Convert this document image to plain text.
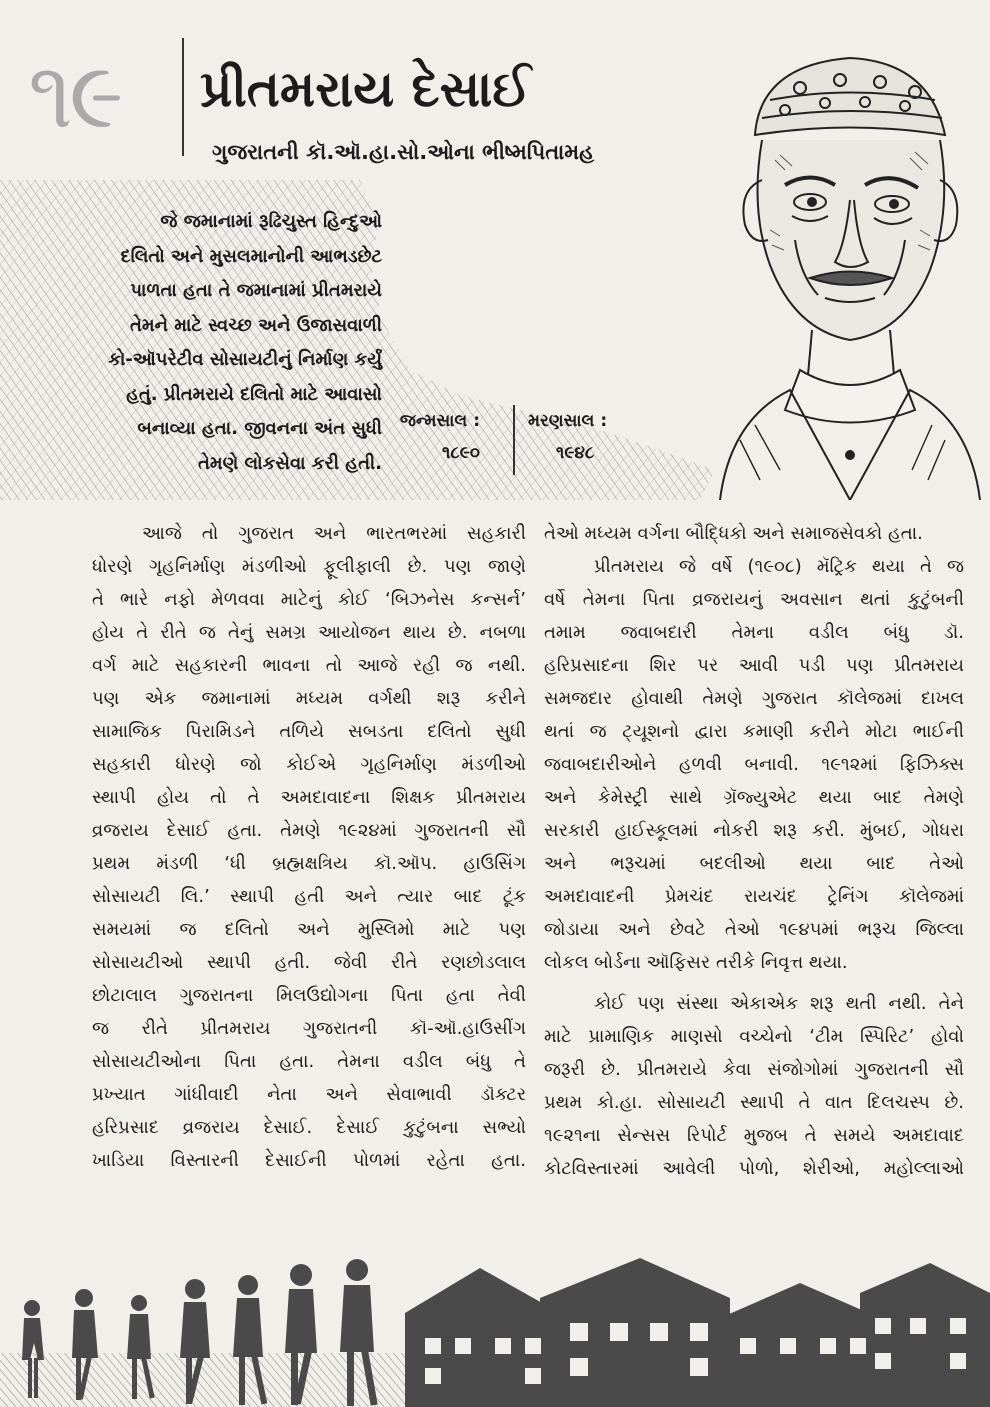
૧૯ પ્રીતમરાય દેસાઈ
ગુજરાતની કૉ.ઑ.હા.સો.ઓના ભીષ્મપિતામહ
જે જમાનામાં રૂઢિચુસ્ત હિન્દુઓ
દલિતો અને મુસલમાનોની આભડછેટ
પાળતા હતા તે જમાનામાં પ્રીતમરાયે
તેમને માટે સ્વચ્છ અને ઉજાસવાળી
કો-ઑપરેટીવ સોસાયટીનું નિર્માણ કર્યું
હતું. પ્રીતમરાયે દલિતો માટે આવાસો
બનાવ્યા હતા. જીવનના અંત સુધી
તેમણે લોકસેવા કરી હતી.
જન્મસાલ :
૧૮૯૦
મરણસાલ :
૧૯૪૮
આજે તો ગુજરાત અને ભારતભરમાં સહકારી
ધોરણે ગૃહનિર્માણ મંડળીઓ ફૂલીફાલી છે. પણ જાણે
તે ભારે નફો મેળવવા માટેનું કોઈ ‘બિઝનેસ કન્સર્ન’
હોય તે રીતે જ તેનું સમગ્ર આયોજન થાય છે. નબળા
વર્ગ માટે સહકારની ભાવના તો આજે રહી જ નથી.
પણ એક જમાનામાં મધ્યમ વર્ગથી શરૂ કરીને
સામાજિક પિરામિડને તળિયે સબડતા દલિતો સુધી
સહકારી ધોરણે જો કોઈએ ગૃહનિર્માણ મંડળીઓ
સ્થાપી હોય તો તે અમદાવાદના શિક્ષક પ્રીતમરાય
વ્રજરાય દેસાઈ હતા. તેમણે ૧૯૨૪માં ગુજરાતની સૌ
પ્રથમ મંડળી ‘ધી બ્રહ્મક્ષત્રિય કૉ.ઑપ. હાઉસિંગ
સોસાયટી લિ.’ સ્થાપી હતી અને ત્યાર બાદ ટૂંક
સમયમાં જ દલિતો અને મુસ્લિમો માટે પણ
સોસાયટીઓ સ્થાપી હતી. જેવી રીતે રણછોડલાલ
છોટાલાલ ગુજરાતના મિલઉદ્યોગના પિતા હતા તેવી
જ રીતે પ્રીતમરાય ગુજરાતની કૉ-ઑ.હાઉસીંગ
સોસાયટીઓના પિતા હતા. તેમના વડીલ બંધુ તે
પ્રખ્યાત ગાંધીવાદી નેતા અને સેવાભાવી ડૉક્ટર
હરિપ્રસાદ વ્રજરાય દેસાઈ. દેસાઈ કુટુંબના સભ્યો
ખાડિયા વિસ્તારની દેસાઈની પોળમાં રહેતા હતા.
તેઓ મધ્યમ વર્ગના બૌદ્ધિકો અને સમાજસેવકો હતા.
પ્રીતમરાય જે વર્ષે (૧૯૦૮) મૅટ્રિક થયા તે જ
વર્ષે તેમના પિતા વ્રજરાયનું અવસાન થતાં કુટુંબની
તમામ જવાબદારી તેમના વડીલ બંધુ ડૉ.
હરિપ્રસાદના શિર પર આવી પડી પણ પ્રીતમરાય
સમજદાર હોવાથી તેમણે ગુજરાત કૉલેજમાં દાખલ
થતાં જ ટ્યૂશનો દ્વારા કમાણી કરીને મોટા ભાઈની
જવાબદારીઓને હળવી બનાવી. ૧૯૧૨માં ફિઝિક્સ
અને કેમેસ્ટ્રી સાથે ગ્રૅજ્યુએટ થયા બાદ તેમણે
સરકારી હાઈસ્કૂલમાં નોકરી શરૂ કરી. મુંબઈ, ગોધરા
અને ભરૂચમાં બદલીઓ થયા બાદ તેઓ
અમદાવાદની પ્રેમચંદ રાયચંદ ટ્રેનિંગ કૉલેજમાં
જોડાયા અને છેવટે તેઓ ૧૯૪૫માં ભરૂચ જિલ્લા
લોકલ બોર્ડના ઑફિસર તરીકે નિવૃત્ત થયા.
કોઈ પણ સંસ્થા એકાએક શરૂ થતી નથી. તેને
માટે પ્રામાણિક માણસો વચ્ચેનો ‘ટીમ સ્પિરિટ’ હોવો
જરૂરી છે. પ્રીતમરાયે કેવા સંજોગોમાં ગુજરાતની સૌ
પ્રથમ કો.હા. સોસાયટી સ્થાપી તે વાત દિલચસ્પ છે.
૧૯૨૧ના સેન્સસ રિપોર્ટ મુજબ તે સમયે અમદાવાદ
કોટવિસ્તારમાં આવેલી પોળો, શેરીઓ, મહોલ્લાઓ
